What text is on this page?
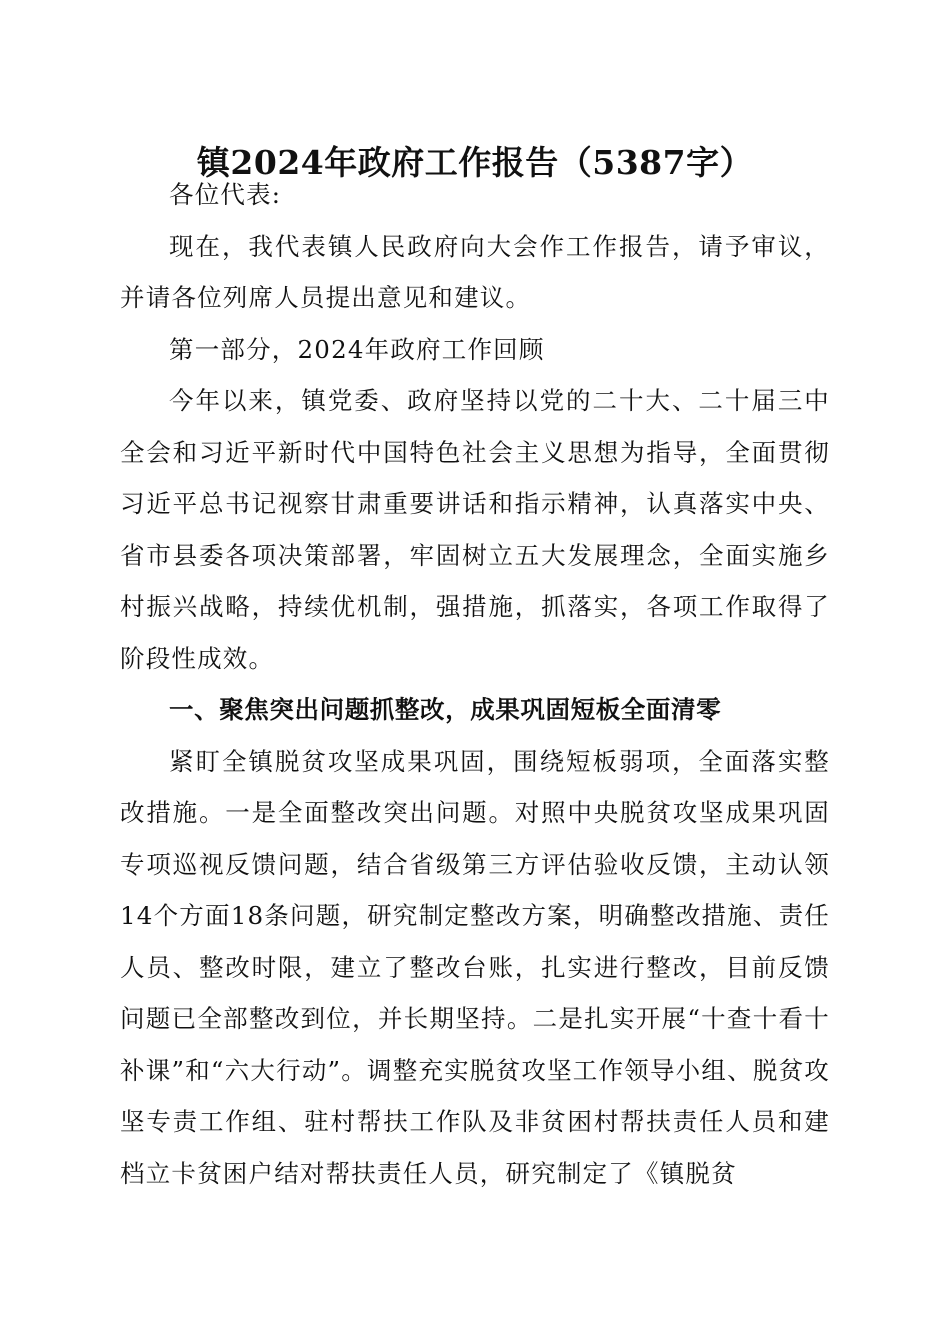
镇2024年政府工作报告（5387字）

各位代表:

现在，我代表镇人民政府向大会作工作报告，请予审议，并请各位列席人员提出意见和建议。

第一部分，2024年政府工作回顾

今年以来，镇党委、政府坚持以党的二十大、二十届三中全会和习近平新时代中国特色社会主义思想为指导，全面贯彻习近平总书记视察甘肃重要讲话和指示精神，认真落实中央、省市县委各项决策部署，牢固树立五大发展理念，全面实施乡村振兴战略，持续优机制，强措施，抓落实，各项工作取得了阶段性成效。

一、聚焦突出问题抓整改，成果巩固短板全面清零

紧盯全镇脱贫攻坚成果巩固，围绕短板弱项，全面落实整改措施。一是全面整改突出问题。对照中央脱贫攻坚成果巩固专项巡视反馈问题，结合省级第三方评估验收反馈，主动认领14个方面18条问题，研究制定整改方案，明确整改措施、责任人员、整改时限，建立了整改台账，扎实进行整改，目前反馈问题已全部整改到位，并长期坚持。二是扎实开展“十查十看十补课”和“六大行动”。调整充实脱贫攻坚工作领导小组、脱贫攻坚专责工作组、驻村帮扶工作队及非贫困村帮扶责任人员和建档立卡贫困户结对帮扶责任人员，研究制定了《镇脱贫
